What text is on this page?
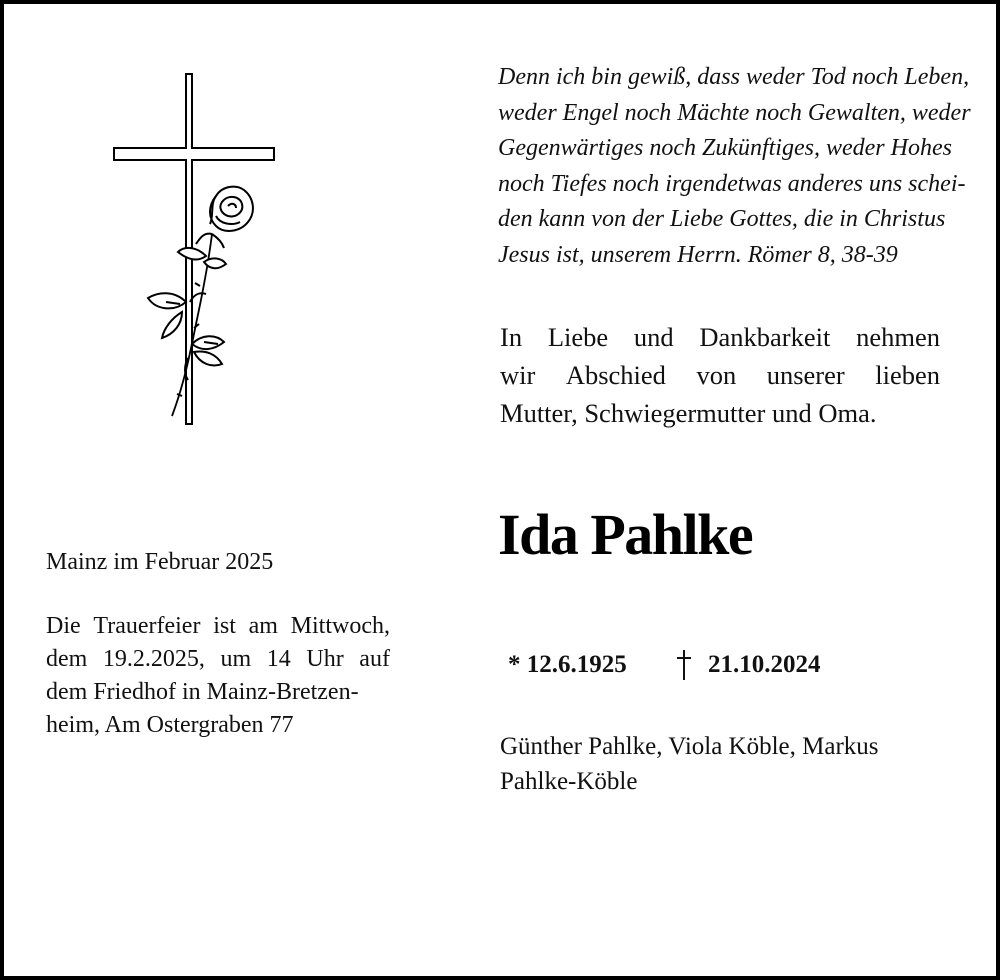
Denn ich bin gewiß, dass weder Tod noch Leben,
weder Engel noch Mächte noch Gewalten, weder
Gegenwärtiges noch Zukünftiges, weder Hohes
noch Tiefes noch irgendetwas anderes uns schei-
den kann von der Liebe Gottes, die in Christus
Jesus ist, unserem Herrn. Römer 8, 38-39

In Liebe und Dankbarkeit nehmen
wir Abschied von unserer lieben
Mutter, Schwiegermutter und Oma.
Ida Pahlke
* 12.6.1925	21.10.2024

Günther Pahlke, Viola Köble, Markus
Pahlke-Köble

Mainz im Februar 2025

Die Trauerfeier ist am Mittwoch,
dem 19.2.2025, um 14 Uhr auf
dem Friedhof in Mainz-Bretzen-
heim, Am Ostergraben 77
